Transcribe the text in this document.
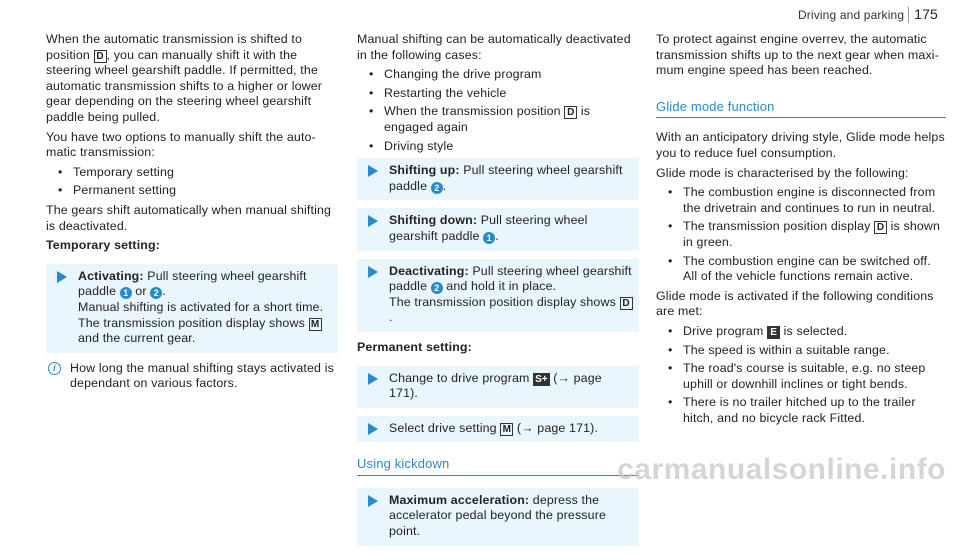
Driving and parking 175

When the automatic transmission is shifted to position D , you can manually shift it with the steering wheel gearshift paddle. If permitted, the automatic transmission shifts to a higher or lower gear depending on the steering wheel gearshift paddle being pulled.

You have two options to manually shift the automatic transmission:

• Temporary setting
• Permanent setting

The gears shift automatically when manual shifting is deactivated.

Temporary setting:
Activating: Pull steering wheel gearshift paddle 1 or 2 .
Manual shifting is activated for a short time. The transmission position display shows M and the current gear.
i	How long the manual shifting stays activated is dependant on various factors.

Manual shifting can be automatically deactivated in the following cases:

• Changing the drive program
• Restarting the vehicle
• When the transmission position D is engaged again
• Driving style
Shifting up: Pull steering wheel gearshift paddle 2 .
Shifting down: Pull steering wheel gearshift paddle 1 .
Deactivating: Pull steering wheel gearshift paddle 2 and hold it in place.
The transmission position display shows D.
Permanent setting:
Change to drive program S+ (→ page 171).
Select drive setting M (→ page 171).
Using kickdown
Maximum acceleration: depress the accelerator pedal beyond the pressure point.

To protect against engine overrev, the automatic transmission shifts up to the next gear when maximum engine speed has been reached.

Glide mode function

With an anticipatory driving style, Glide mode helps you to reduce fuel consumption.

Glide mode is characterised by the following:

• The combustion engine is disconnected from the drivetrain and continues to run in neutral.
• The transmission position display D is shown in green.
• The combustion engine can be switched off. All of the vehicle functions remain active.

Glide mode is activated if the following conditions are met:

• Drive program E is selected.
• The speed is within a suitable range.
• The road's course is suitable, e.g. no steep uphill or downhill inclines or tight bends.
• There is no trailer hitched up to the trailer hitch, and no bicycle rack Fitted.
carmanualsonline.info
